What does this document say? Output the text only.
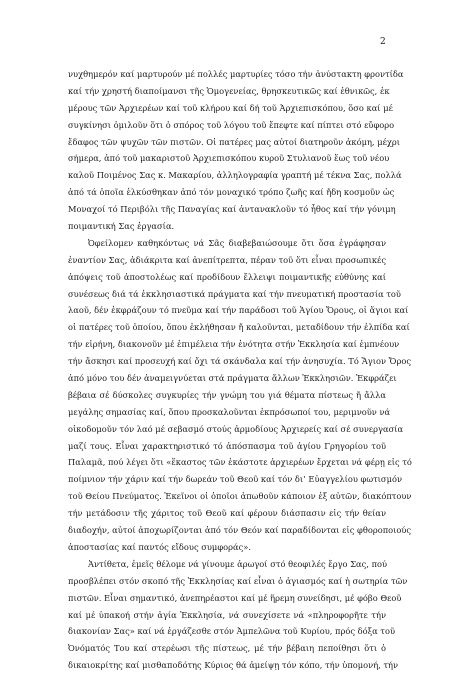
2
νυχθημερόν καί μαρτυρούν μέ πολλές μαρτυρίες τόσο τήν ἀνύστακτη φροντίδα
καί τήν χρηστή διαποίμανσι τῆς Ὁμογενείας, θρησκευτικῶς καί ἐθνικῶς, ἐκ
μέρους τῶν Ἀρχιερέων καί τοῦ κλήρου καί δή τοῦ Ἀρχιεπισκόπου, ὅσο καί μέ
συγκίνησι ὁμιλοῦν ὅτι ὁ σπόρος τοῦ λόγου τοῦ ἔπεφτε καί πίπτει στό εὔφορο
ἔδαφος τῶν ψυχῶν τῶν πιστῶν. Οἱ πατέρες μας αὐτοί διατηροῦν ἀκόμη, μέχρι
σήμερα, ἀπό τοῦ μακαριστοῦ Ἀρχιεπισκόπου κυροῦ Στυλιανοῦ ἕως τοῦ νέου
καλοῦ Ποιμένος Σας κ. Μακαρίου, ἀλληλογραφία γραπτή μέ τέκνα Σας, πολλά
ἀπό τά ὁποῖα ἑλκύσθηκαν ἀπό τόν μοναχικό τρόπο ζωῆς καί ἤδη κοσμοῦν ὡς
Μοναχοί τό Περιβόλι τῆς Παναγίας καί ἀντανακλοῦν τό ἦθος καί τήν γόνιμη
ποιμαντική Σας ἐργασία.
Ὀφείλομεν καθηκόντως νά Σᾶς διαβεβαιώσουμε ὅτι ὅσα ἐγράφησαν
ἐναντίον Σας, ἀδιάκριτα καί ἀνεπίτρεπτα, πέραν τοῦ ὅτι εἶναι προσωπικές
ἀπόψεις τοῦ ἀποστολέως καί προδίδουν ἔλλειψι ποιμαντικῆς εὐθύνης καί
συνέσεως διά τά ἐκκλησιαστικά πράγματα καί τήν πνευματική προστασία τοῦ
λαοῦ, δέν ἐκφράζουν τό πνεῦμα καί τήν παράδοσι τοῦ Ἁγίου Ὄρους, οἱ ἅγιοι καί
οἱ πατέρες τοῦ ὁποίου, ὅπου ἐκλήθησαν ἤ καλοῦνται, μεταδίδουν τήν ἐλπίδα καί
τήν εἰρήνη, διακονοῦν μέ ἐπιμέλεια τήν ἑνότητα στήν Ἐκκλησία καί ἐμπνέουν
τήν ἄσκησι καί προσευχή καί ὄχι τά σκάνδαλα καί τήν ἀνησυχία. Τό Ἅγιον Ὄρος
ἀπό μόνο του δέν ἀναμειγνύεται στά πράγματα ἄλλων Ἐκκλησιῶν. Ἐκφράζει
βέβαια σέ δύσκολες συγκυρίες τήν γνώμη του γιά θέματα πίστεως ἤ ἄλλα
μεγάλης σημασίας καί, ὅπου προσκαλοῦνται ἐκπρόσωποί του, μεριμνοῦν νά
οἰκοδομοῦν τόν λαό μέ σεβασμό στούς ἁρμοδίους Ἀρχιερείς καί σέ συνεργασία
μαζί τους. Εἶναι χαρακτηριστικό τό ἀπόσπασμα τοῦ ἁγίου Γρηγορίου τοῦ
Παλαμᾶ, πού λέγει ὅτι «ἕκαστος τῶν ἑκάστοτε ἀρχιερέων ἔρχεται νά φέρῃ εἰς τό
ποίμνιον τήν χάριν καί τήν δωρεάν τοῦ Θεοῦ καί τόν δι’ Εὐαγγελίου φωτισμόν
τοῦ Θείου Πνεύματος. Ἐκεῖνοι οἱ ὁποῖοι ἀπωθοῦν κάποιον ἐξ αὐτῶν, διακόπτουν
τήν μετάδοσιν τῆς χάριτος τοῦ Θεοῦ καί φέρουν διάσπασιν εἰς τήν θείαν
διαδοχήν, αὐτοί ἀποχωρίζονται ἀπό τόν Θεόν καί παραδίδονται εἰς φθοροποιούς
ἀποστασίας καί παντός εἴδους συμφοράς».
Ἀντίθετα, ἐμεῖς θέλομε νά γίνουμε ἀρωγοί στό θεοφιλές ἔργο Σας, πού
προσβλέπει στόν σκοπό τῆς Ἐκκλησίας καί εἶναι ὁ ἁγιασμός καί ἡ σωτηρία τῶν
πιστῶν. Εἶναι σημαντικό, ἀνεπηρέαστοι καί μέ ἥρεμη συνείδησι, μέ φόβο Θεοῦ
καί μέ ὑπακοή στήν ἁγία Ἐκκλησία, νά συνεχίσετε νά «πληροφορῆτε τήν
διακονίαν Σας» καί νά ἐργάζεσθε στόν Ἀμπελῶνα τοῦ Κυρίου, πρός δόξα τοῦ
Ὀνόματός Του καί στερέωσι τῆς πίστεως, μέ τήν βέβαιη πεποίθησι ὅτι ὁ
δικαιοκρίτης καί μισθαποδότης Κύριος θά ἀμείψῃ τόν κόπο, τήν ὑπομονή, τήν
